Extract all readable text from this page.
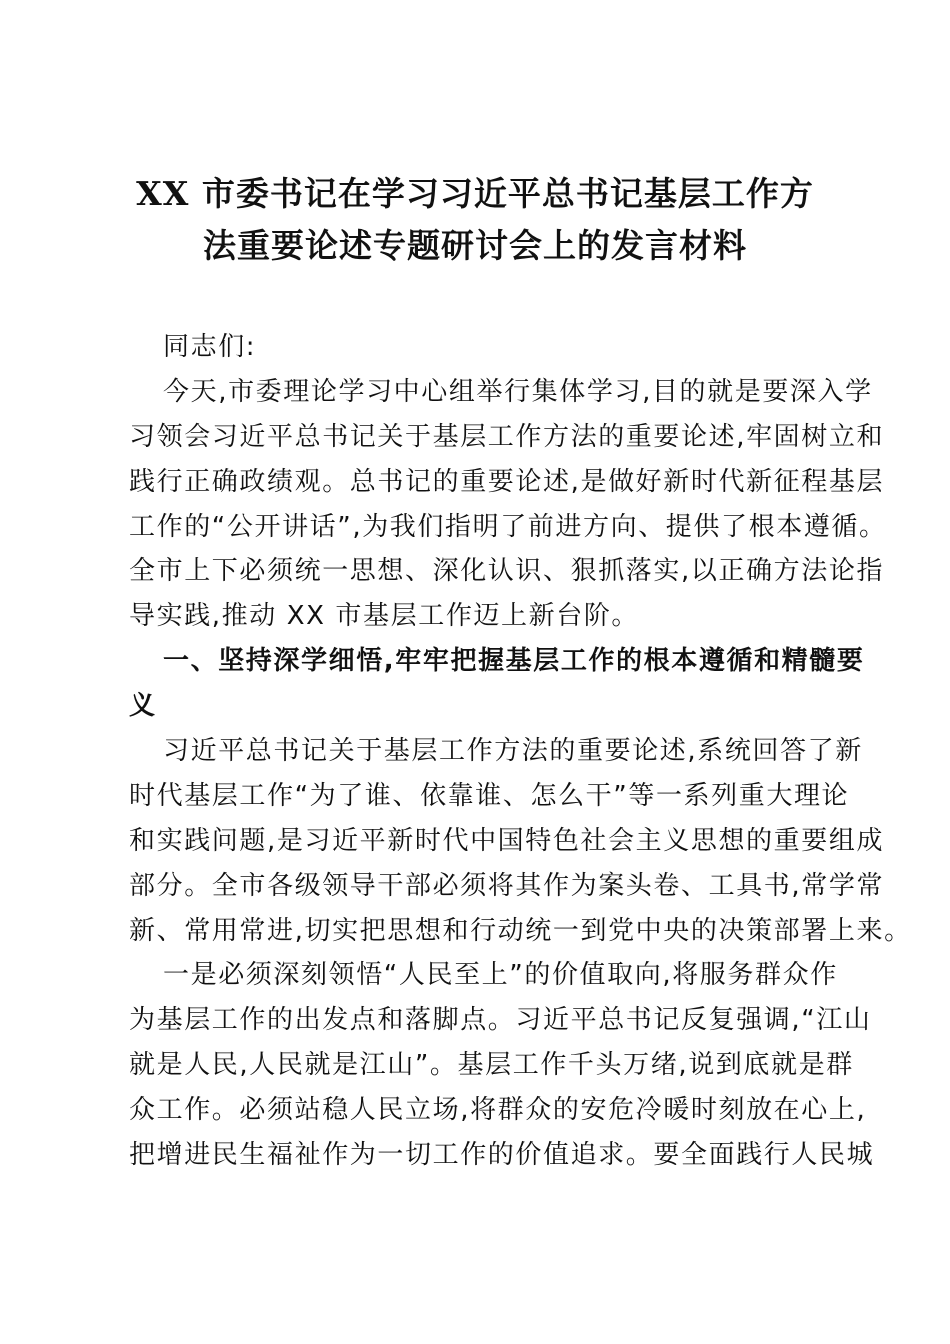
XX 市委书记在学习习近平总书记基层工作方
法重要论述专题研讨会上的发言材料
同志们:
今天,市委理论学习中心组举行集体学习,目的就是要深入学
习领会习近平总书记关于基层工作方法的重要论述,牢固树立和
践行正确政绩观。总书记的重要论述,是做好新时代新征程基层
工作的“公开讲话”,为我们指明了前进方向、提供了根本遵循。
全市上下必须统一思想、深化认识、狠抓落实,以正确方法论指
导实践,推动 XX 市基层工作迈上新台阶。
一、坚持深学细悟,牢牢把握基层工作的根本遵循和精髓要
义
习近平总书记关于基层工作方法的重要论述,系统回答了新
时代基层工作“为了谁、依靠谁、怎么干”等一系列重大理论
和实践问题,是习近平新时代中国特色社会主义思想的重要组成
部分。全市各级领导干部必须将其作为案头卷、工具书,常学常
新、常用常进,切实把思想和行动统一到党中央的决策部署上来。
一是必须深刻领悟“人民至上”的价值取向,将服务群众作
为基层工作的出发点和落脚点。习近平总书记反复强调,“江山
就是人民,人民就是江山”。基层工作千头万绪,说到底就是群
众工作。必须站稳人民立场,将群众的安危冷暖时刻放在心上,
把增进民生福祉作为一切工作的价值追求。要全面践行人民城
